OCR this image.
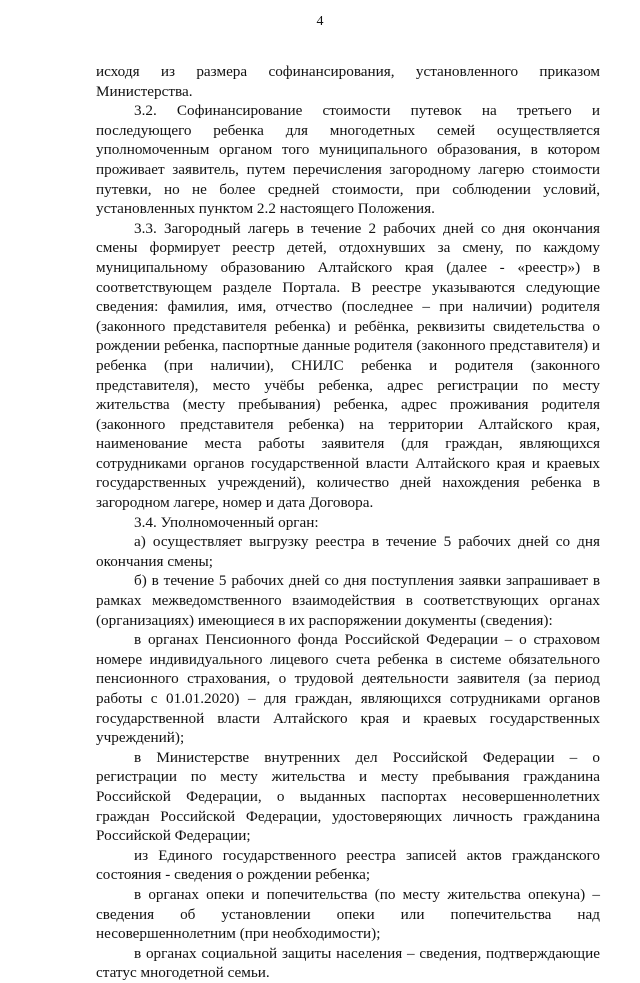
4

исходя из размера софинансирования, установленного приказом Министерства.

3.2. Софинансирование стоимости путевок на третьего и последующего ребенка для многодетных семей осуществляется уполномоченным органом того муниципального образования, в котором проживает заявитель, путем перечисления загородному лагерю стоимости путевки, но не более средней стоимости, при соблюдении условий, установленных пунктом 2.2 настоящего Положения.

3.3. Загородный лагерь в течение 2 рабочих дней со дня окончания смены формирует реестр детей, отдохнувших за смену, по каждому муниципальному образованию Алтайского края (далее - «реестр») в соответствующем разделе Портала. В реестре указываются следующие сведения: фамилия, имя, отчество (последнее – при наличии) родителя (законного представителя ребенка) и ребёнка, реквизиты свидетельства о рождении ребенка, паспортные данные родителя (законного представителя) и ребенка (при наличии), СНИЛС ребенка и родителя (законного представителя), место учёбы ребенка, адрес регистрации по месту жительства (месту пребывания) ребенка, адрес проживания родителя (законного представителя ребенка) на территории Алтайского края, наименование места работы заявителя (для граждан, являющихся сотрудниками органов государственной власти Алтайского края и краевых государственных учреждений), количество дней нахождения ребенка в загородном лагере, номер и дата Договора.

3.4. Уполномоченный орган:

а) осуществляет выгрузку реестра в течение 5 рабочих дней со дня окончания смены;

б) в течение 5 рабочих дней со дня поступления заявки запрашивает в рамках межведомственного взаимодействия в соответствующих органах (организациях) имеющиеся в их распоряжении документы (сведения):

в органах Пенсионного фонда Российской Федерации – о страховом номере индивидуального лицевого счета ребенка в системе обязательного пенсионного страхования, о трудовой деятельности заявителя (за период работы с 01.01.2020) – для граждан, являющихся сотрудниками органов государственной власти Алтайского края и краевых государственных учреждений);

в Министерстве внутренних дел Российской Федерации – о регистрации по месту жительства и месту пребывания гражданина Российской Федерации, о выданных паспортах несовершеннолетних граждан Российской Федерации, удостоверяющих личность гражданина Российской Федерации;

из Единого государственного реестра записей актов гражданского состояния - сведения о рождении ребенка;

в органах опеки и попечительства (по месту жительства опекуна) – сведения об установлении опеки или попечительства над несовершеннолетним (при необходимости);

в органах социальной защиты населения – сведения, подтверждающие статус многодетной семьи.
